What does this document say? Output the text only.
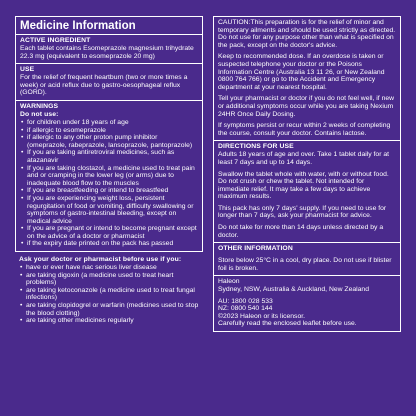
Medicine Information
ACTIVE INGREDIENT
Each tablet contains Esomeprazole magnesium trihydrate 22.3 mg (equivalent to esomeprazole 20 mg)
USE
For the relief of frequent heartburn (two or more times a week) or acid reflux due to gastro-oesophageal reflux (GORD).
WARNINGS
Do not use:
• for children under 18 years of age
• if allergic to esomeprazole
• if allergic to any other proton pump inhibitor (omeprazole, rabeprazole, lansoprazole, pantoprazole)
• If you are taking antiretroviral medicines, such as atazanavir
• If you are taking clostazol, a medicine used to treat pain and or cramping in the lower leg (or arms) due to inadequate blood flow to the muscles
• If you are breastfeeding or intend to breastfeed
• If you are experiencing weight loss, persistent regurgitation of food or vomiting, difficulty swallowing or symptoms of gastro-intestinal bleeding, except on medical advice
• If you are pregnant or intend to become pregnant except on the advice of a doctor or pharmacist
• if the expiry date printed on the pack has passed
Ask your doctor or pharmacist before use if you:
• have or ever have nac serious liver disease
• are taking digoxin (a medicine used to treat heart problems)
• are taking ketoconazole (a medicine used to treat fungal infections)
• are taking clopidogrel or warfarin (medicines used to stop the blood clotting)
• are taking other medicines regularly

CAUTION:This preparation is for the relief of minor and temporary ailments and should be used strictly as directed. Do not use for any purpose other than what is specified on the pack, except on the doctor's advice.

Keep to recommended dose. If an overdose is taken or suspected telephone your doctor or the Poisons Information Centre (Australia 13 11 26, or New Zealand 0800 764 766) or go to the Accident and Emergency department at your nearest hospital.

Tell your pharmacist or doctor if you do not feel well, if new or additional symptoms occur while you are taking Nexium 24HR Once Daily Dosing.

If symptoms persist or recur within 2 weeks of completing the course, consult your doctor. Contains lactose.

DIRECTIONS FOR USE

Adults 18 years of age and over. Take 1 tablet daily for at least 7 days and up to 14 days.

Swallow the tablet whole with water, with or without food. Do not crush or chew the tablet. Not intended for immediate relief. It may take a few days to achieve maximum results.

This pack has only 7 days' supply. If you need to use for longer than 7 days, ask your pharmacist for advice.

Do not take for more than 14 days unless directed by a doctor.

OTHER INFORMATION

Store below 25°C in a cool, dry place. Do not use if blister foil is broken.

Haleon
Sydney, NSW, Australia & Auckland, New Zealand
AU: 1800 028 533
NZ: 0800 540 144
©2023 Haleon or its licensor.
Carefully read the enclosed leaflet before use.
